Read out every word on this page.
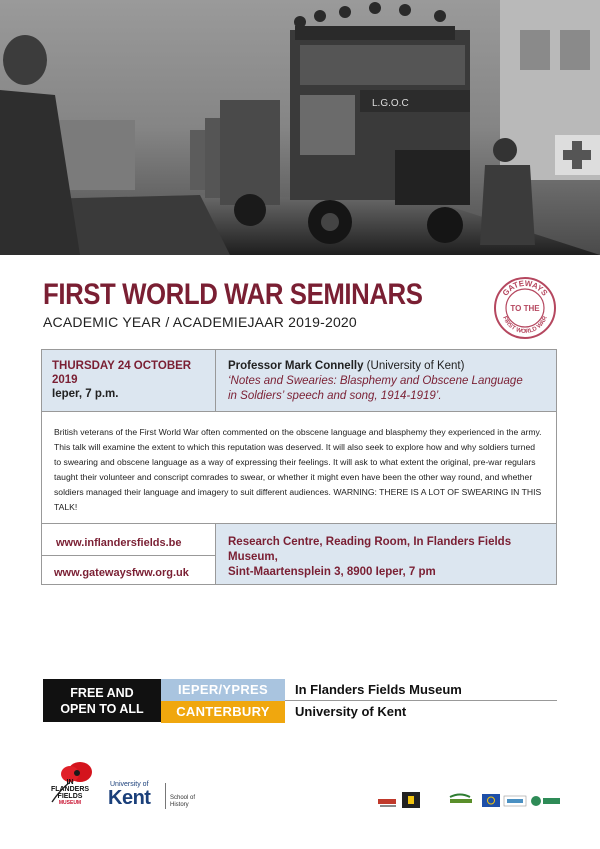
L.G.O.C
FIRST WORLD WAR SEMINARS
ACADEMIC YEAR / ACADEMIEJAAR 2019-2020
GATEWAYS
FIRST WORLD WAR
TO THE
THURSDAY 24 OCTOBER 2019
Ieper, 7 p.m.
Professor Mark Connelly (University of Kent)
‘Notes and Swearies: Blasphemy and Obscene Language
in Soldiers’ speech and song, 1914-1919’.
British veterans of the First World War often commented on the obscene language and blasphemy they experienced in the army. This talk will examine the extent to which this reputation was deserved. It will also seek to explore how and why soldiers turned to swearing and obscene language as a way of expressing their feelings. It will ask to what extent the original, pre-war regulars taught their volunteer and conscript comrades to swear, or whether it might even have been the other way round, and whether soldiers managed their language and imagery to suit different audiences. WARNING: THERE IS A LOT OF SWEARING IN THIS TALK!
www.inflandersfields.be
www.gatewaysfww.org.uk
Research Centre, Reading Room, In Flanders Fields Museum,
Sint-Maartensplein 3, 8900 Ieper, 7 pm
FREE AND
OPEN TO ALL
IEPER/YPRES
CANTERBURY
In Flanders Fields Museum
University of Kent
IN
FLANDERS
FIELDS
MUSEUM
University of
Kent	School of
History
